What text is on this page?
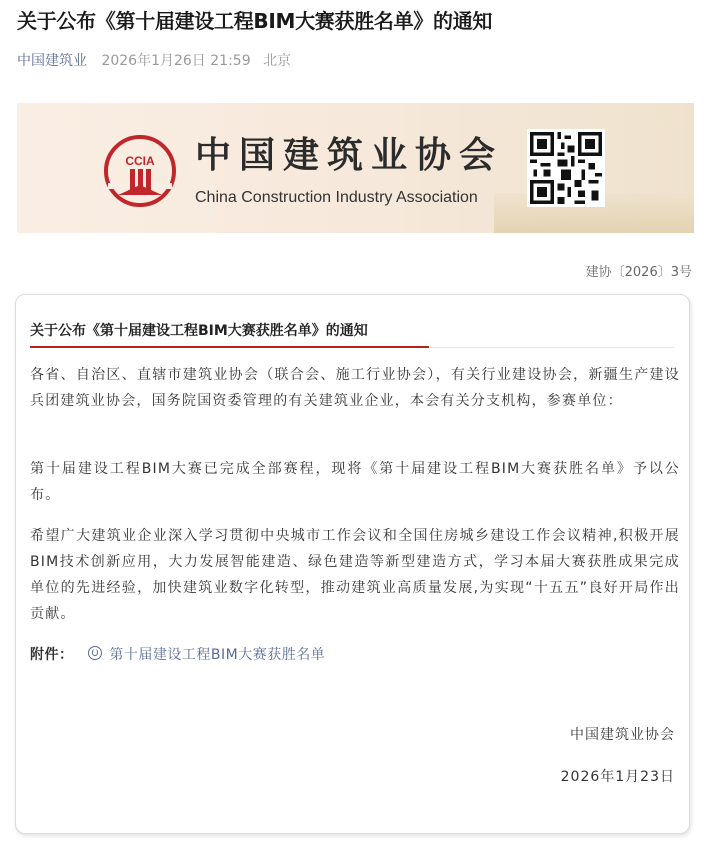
关于公布《第十届建设工程BIM大赛获胜名单》的通知
中国建筑业 2026年1月26日 21:59 北京
CCIA 中国建筑业协会
China Construction Industry Association
建协〔2026〕3号
关于公布《第十届建设工程BIM大赛获胜名单》的通知
各省、自治区、直辖市建筑业协会（联合会、施工行业协会），有关行业建设协会，新疆生产建设兵团建筑业协会，国务院国资委管理的有关建筑业企业，本会有关分支机构，参赛单位：
第十届建设工程BIM大赛已完成全部赛程，现将《第十届建设工程BIM大赛获胜名单》予以公布。
希望广大建筑业企业深入学习贯彻中央城市工作会议和全国住房城乡建设工作会议精神,积极开展BIM技术创新应用，大力发展智能建造、绿色建造等新型建造方式，学习本届大赛获胜成果完成单位的先进经验，加快建筑业数字化转型，推动建筑业高质量发展,为实现“十五五”良好开局作出贡献。
附件：	第十届建设工程BIM大赛获胜名单
中国建筑业协会
2026年1月23日
